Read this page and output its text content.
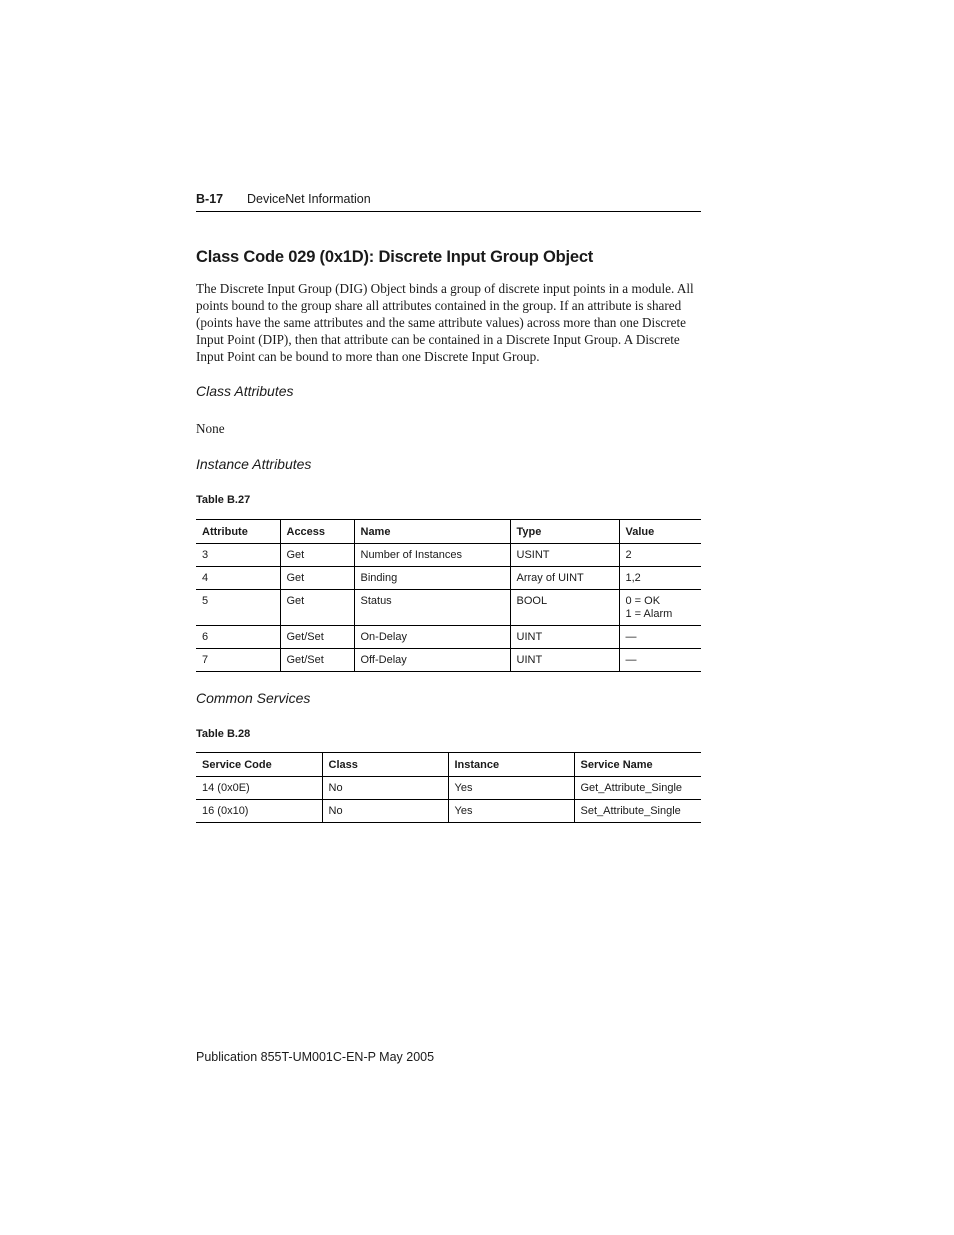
B-17 DeviceNet Information
Class Code 029 (0x1D): Discrete Input Group Object

The Discrete Input Group (DIG) Object binds a group of discrete input points in a module. All points bound to the group share all attributes contained in the group. If an attribute is shared (points have the same attributes and the same attribute values) across more than one Discrete Input Point (DIP), then that attribute can be contained in a Discrete Input Group. A Discrete Input Point can be bound to more than one Discrete Input Group.

Class Attributes
None
Instance Attributes
Table B.27
Attribute	Access	Name	Type	Value
3	Get	Number of Instances	USINT	2
4	Get	Binding	Array of UINT	1,2
5	Get	Status	BOOL	0 = OK
1 = Alarm
6	Get/Set	On-Delay	UINT	—
7	Get/Set	Off-Delay	UINT	—
Common Services
Table B.28
Service Code	Class	Instance	Service Name
14 (0x0E)	No	Yes	Get_Attribute_Single
16 (0x10)	No	Yes	Set_Attribute_Single
Publication 855T-UM001C-EN-P May 2005
